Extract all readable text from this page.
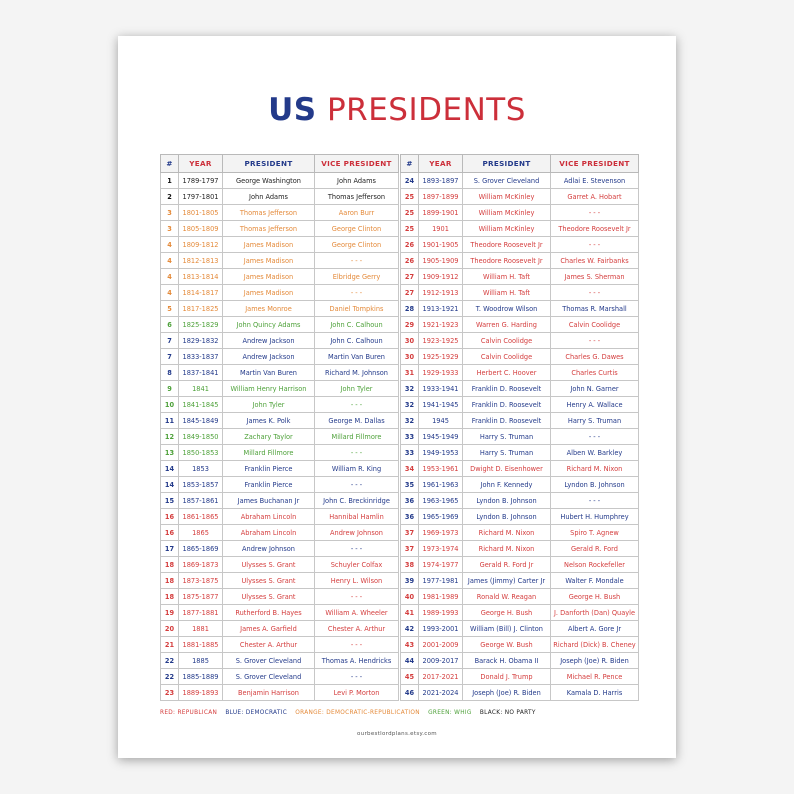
US PRESIDENTS
#	YEAR	PRESIDENT	VICE PRESIDENT
1	1789-1797	George Washington	John Adams
2	1797-1801	John Adams	Thomas Jefferson
3	1801-1805	Thomas Jefferson	Aaron Burr
3	1805-1809	Thomas Jefferson	George Clinton
4	1809-1812	James Madison	George Clinton
4	1812-1813	James Madison	- - -
4	1813-1814	James Madison	Elbridge Gerry
4	1814-1817	James Madison	- - -
5	1817-1825	James Monroe	Daniel Tompkins
6	1825-1829	John Quincy Adams	John C. Calhoun
7	1829-1832	Andrew Jackson	John C. Calhoun
7	1833-1837	Andrew Jackson	Martin Van Buren
8	1837-1841	Martin Van Buren	Richard M. Johnson
9	1841	William Henry Harrison	John Tyler
10	1841-1845	John Tyler	- - -
11	1845-1849	James K. Polk	George M. Dallas
12	1849-1850	Zachary Taylor	Millard Fillmore
13	1850-1853	Millard Fillmore	- - -
14	1853	Franklin Pierce	William R. King
14	1853-1857	Franklin Pierce	- - -
15	1857-1861	James Buchanan Jr	John C. Breckinridge
16	1861-1865	Abraham Lincoln	Hannibal Hamlin
16	1865	Abraham Lincoln	Andrew Johnson
17	1865-1869	Andrew Johnson	- - -
18	1869-1873	Ulysses S. Grant	Schuyler Colfax
18	1873-1875	Ulysses S. Grant	Henry L. Wilson
18	1875-1877	Ulysses S. Grant	- - -
19	1877-1881	Rutherford B. Hayes	William A. Wheeler
20	1881	James A. Garfield	Chester A. Arthur
21	1881-1885	Chester A. Arthur	- - -
22	1885	S. Grover Cleveland	Thomas A. Hendricks
22	1885-1889	S. Grover Cleveland	- - -
23	1889-1893	Benjamin Harrison	Levi P. Morton
#	YEAR	PRESIDENT	VICE PRESIDENT
24	1893-1897	S. Grover Cleveland	Adlai E. Stevenson
25	1897-1899	William McKinley	Garret A. Hobart
25	1899-1901	William McKinley	- - -
25	1901	William McKinley	Theodore Roosevelt Jr
26	1901-1905	Theodore Roosevelt Jr	- - -
26	1905-1909	Theodore Roosevelt Jr	Charles W. Fairbanks
27	1909-1912	William H. Taft	James S. Sherman
27	1912-1913	William H. Taft	- - -
28	1913-1921	T. Woodrow Wilson	Thomas R. Marshall
29	1921-1923	Warren G. Harding	Calvin Coolidge
30	1923-1925	Calvin Coolidge	- - -
30	1925-1929	Calvin Coolidge	Charles G. Dawes
31	1929-1933	Herbert C. Hoover	Charles Curtis
32	1933-1941	Franklin D. Roosevelt	John N. Garner
32	1941-1945	Franklin D. Roosevelt	Henry A. Wallace
32	1945	Franklin D. Roosevelt	Harry S. Truman
33	1945-1949	Harry S. Truman	- - -
33	1949-1953	Harry S. Truman	Alben W. Barkley
34	1953-1961	Dwight D. Eisenhower	Richard M. Nixon
35	1961-1963	John F. Kennedy	Lyndon B. Johnson
36	1963-1965	Lyndon B. Johnson	- - -
36	1965-1969	Lyndon B. Johnson	Hubert H. Humphrey
37	1969-1973	Richard M. Nixon	Spiro T. Agnew
37	1973-1974	Richard M. Nixon	Gerald R. Ford
38	1974-1977	Gerald R. Ford Jr	Nelson Rockefeller
39	1977-1981	James (Jimmy) Carter Jr	Walter F. Mondale
40	1981-1989	Ronald W. Reagan	George H. Bush
41	1989-1993	George H. Bush	J. Danforth (Dan) Quayle
42	1993-2001	William (Bill) J. Clinton	Albert A. Gore Jr
43	2001-2009	George W. Bush	Richard (Dick) B. Cheney
44	2009-2017	Barack H. Obama II	Joseph (Joe) R. Biden
45	2017-2021	Donald J. Trump	Michael R. Pence
46	2021-2024	Joseph (Joe) R. Biden	Kamala D. Harris
RED: REPUBLICAN BLUE: DEMOCRATIC ORANGE: DEMOCRATIC-REPUBLICATION GREEN: WHIG BLACK: NO PARTY
ourbestlordplans.etsy.com
